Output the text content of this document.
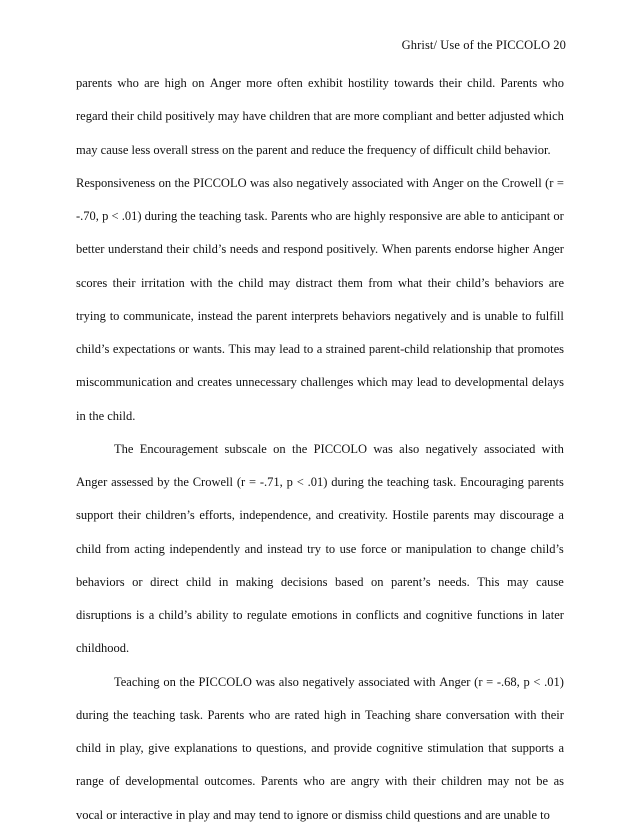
Ghrist/ Use of the PICCOLO 20
parents who are high on Anger more often exhibit hostility towards their child. Parents who
regard their child positively may have children that are more compliant and better adjusted which
may cause less overall stress on the parent and reduce the frequency of difficult child behavior.
Responsiveness on the PICCOLO was also negatively associated with Anger on the Crowell (r =
-.70, p < .01) during the teaching task. Parents who are highly responsive are able to anticipant or
better understand their child’s needs and respond positively. When parents endorse higher Anger
scores their irritation with the child may distract them from what their child’s behaviors are
trying to communicate, instead the parent interprets behaviors negatively and is unable to fulfill
child’s expectations or wants. This may lead to a strained parent-child relationship that promotes
miscommunication and creates unnecessary challenges which may lead to developmental delays
in the child.
The Encouragement subscale on the PICCOLO was also negatively associated with
Anger assessed by the Crowell (r = -.71, p < .01) during the teaching task. Encouraging parents
support their children’s efforts, independence, and creativity. Hostile parents may discourage a
child from acting independently and instead try to use force or manipulation to change child’s
behaviors or direct child in making decisions based on parent’s needs. This may cause
disruptions is a child’s ability to regulate emotions in conflicts and cognitive functions in later
childhood.
Teaching on the PICCOLO was also negatively associated with Anger (r = -.68, p < .01)
during the teaching task. Parents who are rated high in Teaching share conversation with their
child in play, give explanations to questions, and provide cognitive stimulation that supports a
range of developmental outcomes. Parents who are angry with their children may not be as
vocal or interactive in play and may tend to ignore or dismiss child questions and are unable to
